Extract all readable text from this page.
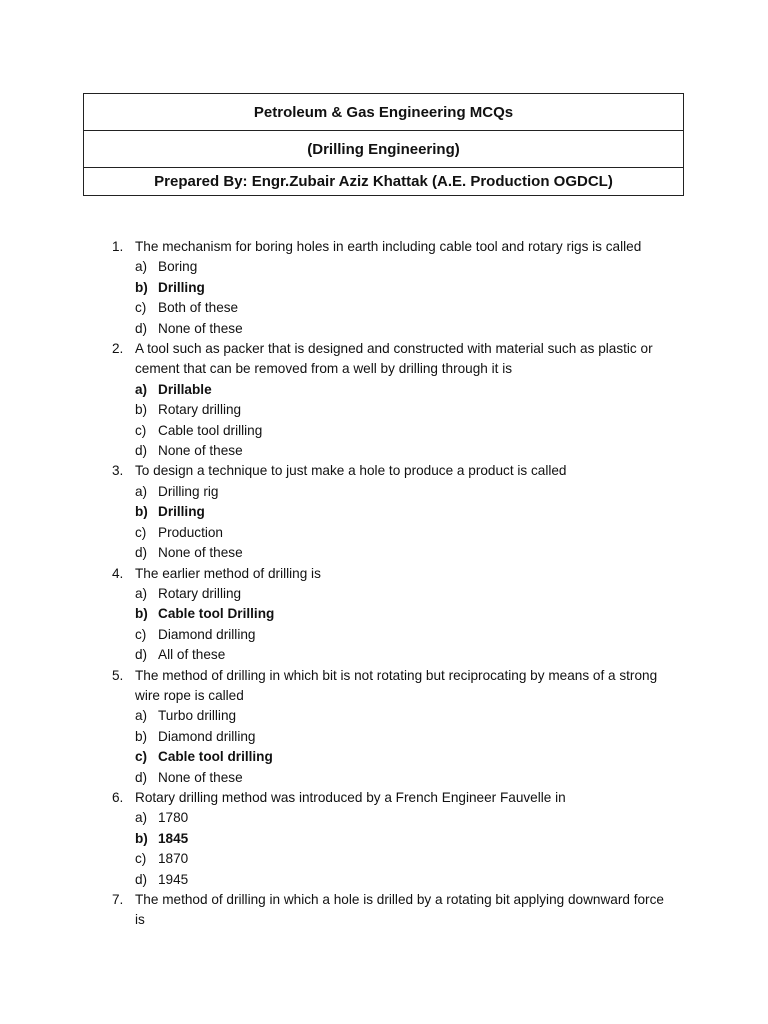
Petroleum & Gas Engineering MCQs
(Drilling Engineering)
Prepared By: Engr.Zubair Aziz Khattak (A.E. Production OGDCL)
1. The mechanism for boring holes in earth including cable tool and rotary rigs is called
a) Boring
b) Drilling
c) Both of these
d) None of these
2. A tool such as packer that is designed and constructed with material such as plastic or cement that can be removed from a well by drilling through it is
a) Drillable
b) Rotary drilling
c) Cable tool drilling
d) None of these
3. To design a technique to just make a hole to produce a product is called
a) Drilling rig
b) Drilling
c) Production
d) None of these
4. The earlier method of drilling is
a) Rotary drilling
b) Cable tool Drilling
c) Diamond drilling
d) All of these
5. The method of drilling in which bit is not rotating but reciprocating by means of a strong wire rope is called
a) Turbo drilling
b) Diamond drilling
c) Cable tool drilling
d) None of these
6. Rotary drilling method was introduced by a French Engineer Fauvelle in
a) 1780
b) 1845
c) 1870
d) 1945
7. The method of drilling in which a hole is drilled by a rotating bit applying downward force is
